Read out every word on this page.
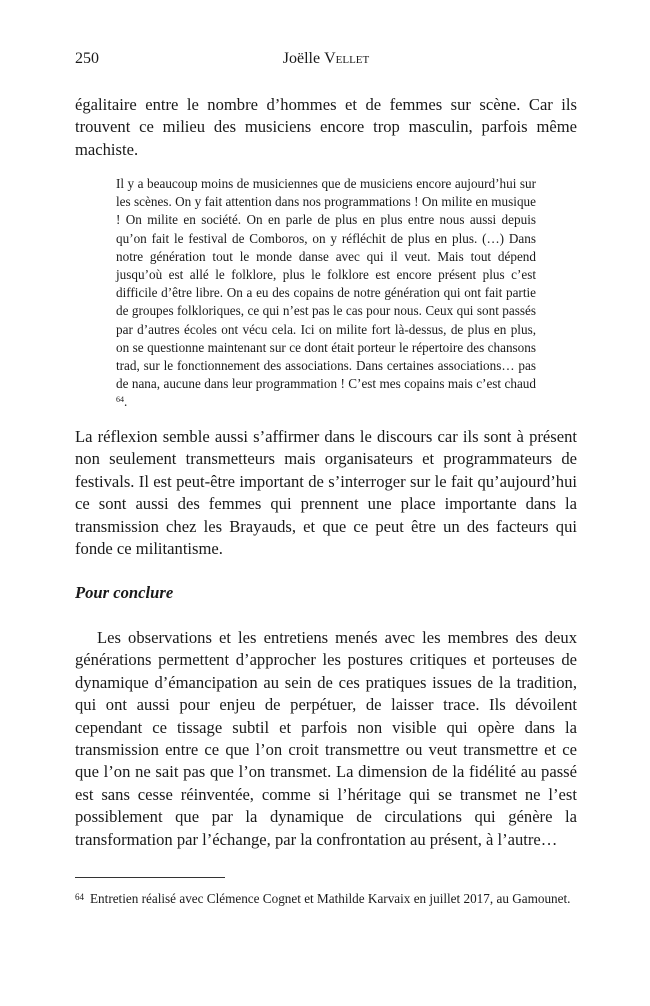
250	Joëlle Vellet

égalitaire entre le nombre d’hommes et de femmes sur scène. Car ils trouvent ce milieu des musiciens encore trop masculin, parfois même machiste.

Il y a beaucoup moins de musiciennes que de musiciens encore aujourd’hui sur les scènes. On y fait attention dans nos programmations ! On milite en musique ! On milite en société. On en parle de plus en plus entre nous aussi depuis qu’on fait le festival de Comboros, on y réfléchit de plus en plus. (…) Dans notre génération tout le monde danse avec qui il veut. Mais tout dépend jusqu’où est allé le folklore, plus le folklore est encore présent plus c’est difficile d’être libre. On a eu des copains de notre génération qui ont fait partie de groupes folkloriques, ce qui n’est pas le cas pour nous. Ceux qui sont passés par d’autres écoles ont vécu cela. Ici on milite fort là-dessus, de plus en plus, on se questionne maintenant sur ce dont était porteur le répertoire des chansons trad, sur le fonctionnement des associations. Dans certaines associations… pas de nana, aucune dans leur programmation ! C’est mes copains mais c’est chaud $^{64}$.

La réflexion semble aussi s’affirmer dans le discours car ils sont à présent non seulement transmetteurs mais organisateurs et programmateurs de festivals. Il est peut-être important de s’interroger sur le fait qu’aujourd’hui ce sont aussi des femmes qui prennent une place importante dans la transmission chez les Brayauds, et que ce peut être un des facteurs qui fonde ce militantisme.

Pour conclure

Les observations et les entretiens menés avec les membres des deux générations permettent d’approcher les postures critiques et porteuses de dynamique d’émancipation au sein de ces pratiques issues de la tradition, qui ont aussi pour enjeu de perpétuer, de laisser trace. Ils dévoilent cependant ce tissage subtil et parfois non visible qui opère dans la transmission entre ce que l’on croit transmettre ou veut transmettre et ce que l’on ne sait pas que l’on transmet. La dimension de la fidélité au passé est sans cesse réinventée, comme si l’héritage qui se transmet ne l’est possiblement que par la dynamique de circulations qui génère la transformation par l’échange, par la confrontation au présent, à l’autre…

$^{64}$ Entretien réalisé avec Clémence Cognet et Mathilde Karvaix en juillet 2017, au Gamounet.
